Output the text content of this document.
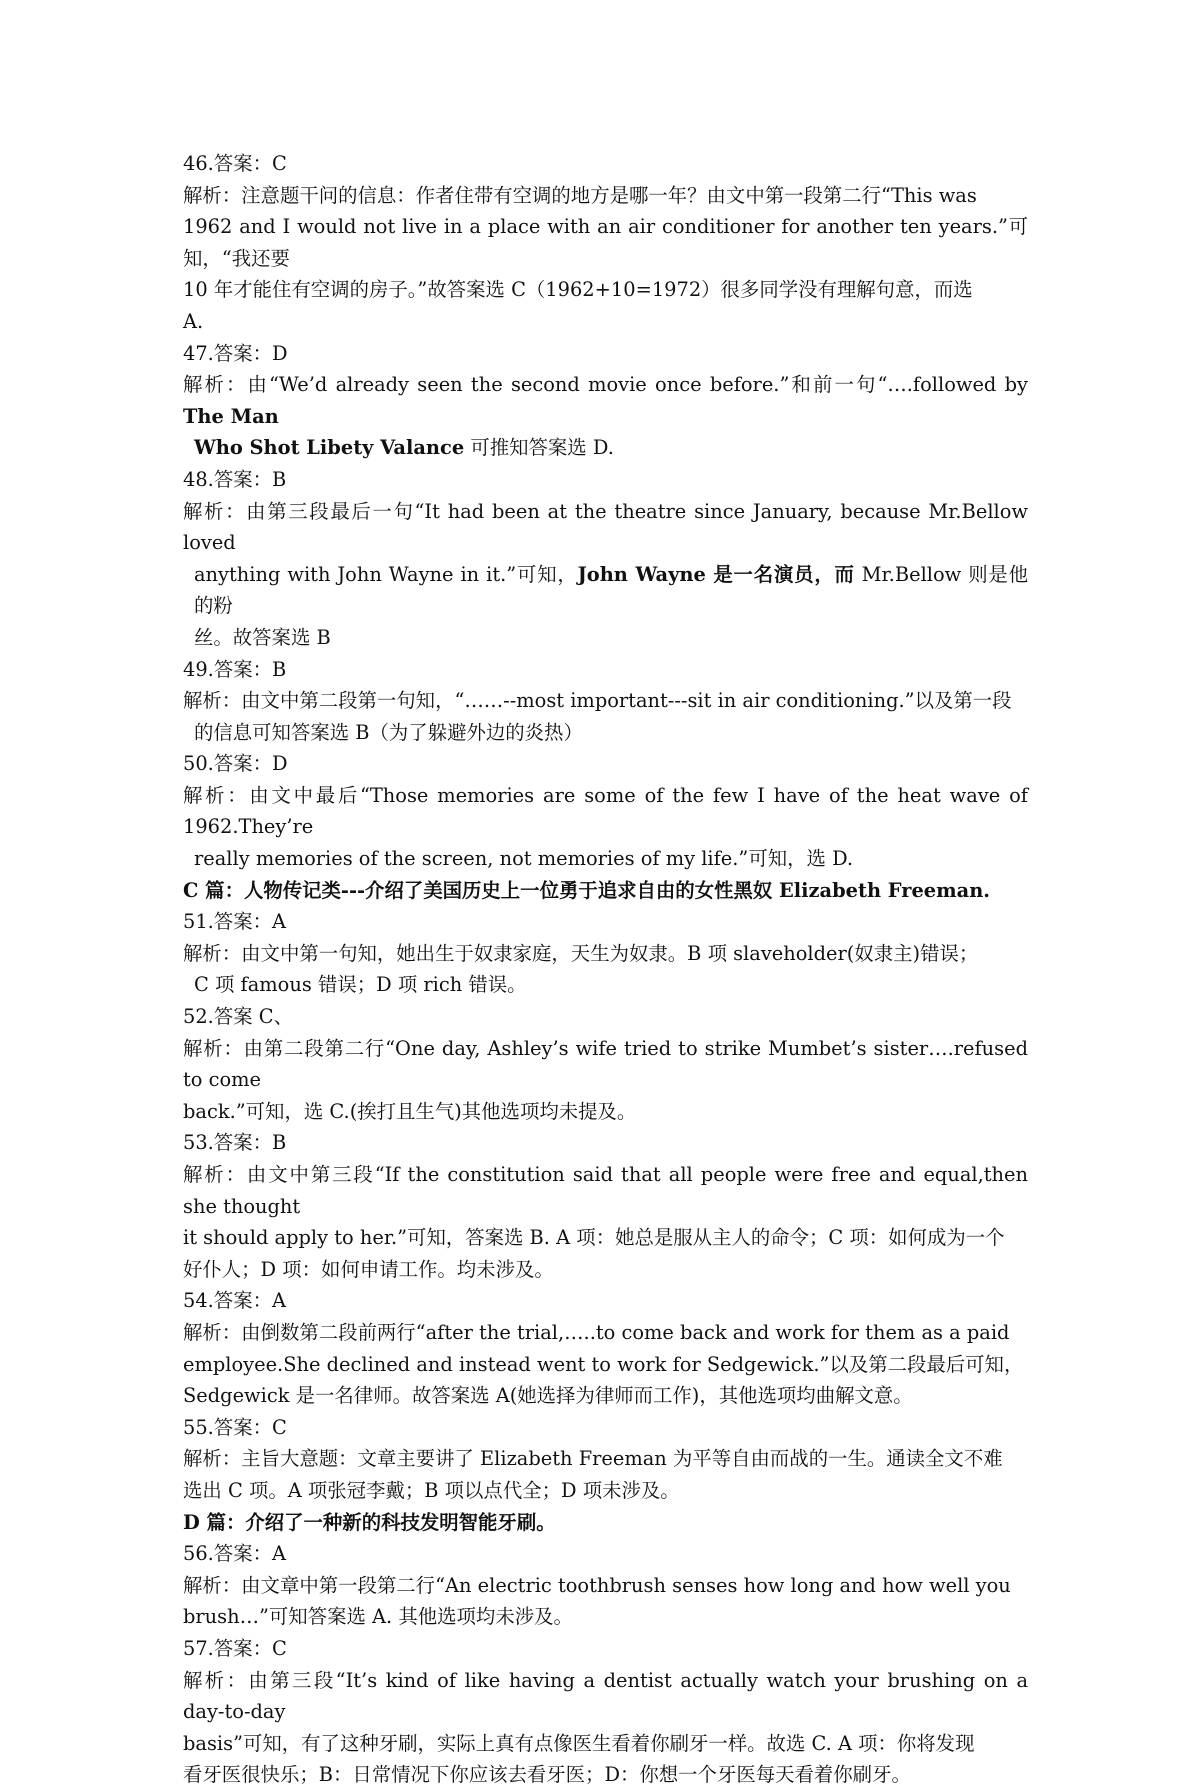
46.答案：C
解析：注意题干问的信息：作者住带有空调的地方是哪一年？由文中第一段第二行“This was
1962 and I would not live in a place with an air conditioner for another ten years.”可知，“我还要
10 年才能住有空调的房子。”故答案选 C（1962+10=1972）很多同学没有理解句意，而选
A.
47.答案：D
解析：由“We’d already seen the second movie once before.”和前一句“….followed by The Man
Who Shot Libety Valance 可推知答案选 D.
48.答案：B
解析：由第三段最后一句“It had been at the theatre since January, because Mr.Bellow loved
anything with John Wayne in it.”可知，John Wayne 是一名演员，而 Mr.Bellow 则是他的粉
丝。故答案选 B
49.答案：B
解析：由文中第二段第一句知，“……--most important---sit in air conditioning.”以及第一段
的信息可知答案选 B（为了躲避外边的炎热）
50.答案：D
解析：由文中最后“Those memories are some of the few I have of the heat wave of 1962.They’re
really memories of the screen, not memories of my life.”可知，选 D.
C 篇：人物传记类---介绍了美国历史上一位勇于追求自由的女性黑奴 Elizabeth Freeman.
51.答案：A
解析：由文中第一句知，她出生于奴隶家庭，天生为奴隶。B 项 slaveholder(奴隶主)错误；
C 项 famous 错误；D 项 rich 错误。
52.答案 C、
解析：由第二段第二行“One day, Ashley’s wife tried to strike Mumbet’s sister….refused to come
back.”可知，选 C.(挨打且生气)其他选项均未提及。
53.答案：B
解析：由文中第三段“If the constitution said that all people were free and equal,then she thought
it should apply to her.”可知，答案选 B. A 项：她总是服从主人的命令；C 项：如何成为一个
好仆人；D 项：如何申请工作。均未涉及。
54.答案：A
解析：由倒数第二段前两行“after the trial,…..to come back and work for them as a paid
employee.She declined and instead went to work for Sedgewick.”以及第二段最后可知，
Sedgewick 是一名律师。故答案选 A(她选择为律师而工作)，其他选项均曲解文意。
55.答案：C
解析：主旨大意题：文章主要讲了 Elizabeth Freeman 为平等自由而战的一生。通读全文不难
选出 C 项。A 项张冠李戴；B 项以点代全；D 项未涉及。
D 篇：介绍了一种新的科技发明智能牙刷。
56.答案：A
解析：由文章中第一段第二行“An electric toothbrush senses how long and how well you
brush…”可知答案选 A. 其他选项均未涉及。
57.答案：C
解析：由第三段“It’s kind of like having a dentist actually watch your brushing on a day-to-day
basis”可知，有了这种牙刷，实际上真有点像医生看着你刷牙一样。故选 C. A 项：你将发现
看牙医很快乐；B：日常情况下你应该去看牙医；D：你想一个牙医每天看着你刷牙。
